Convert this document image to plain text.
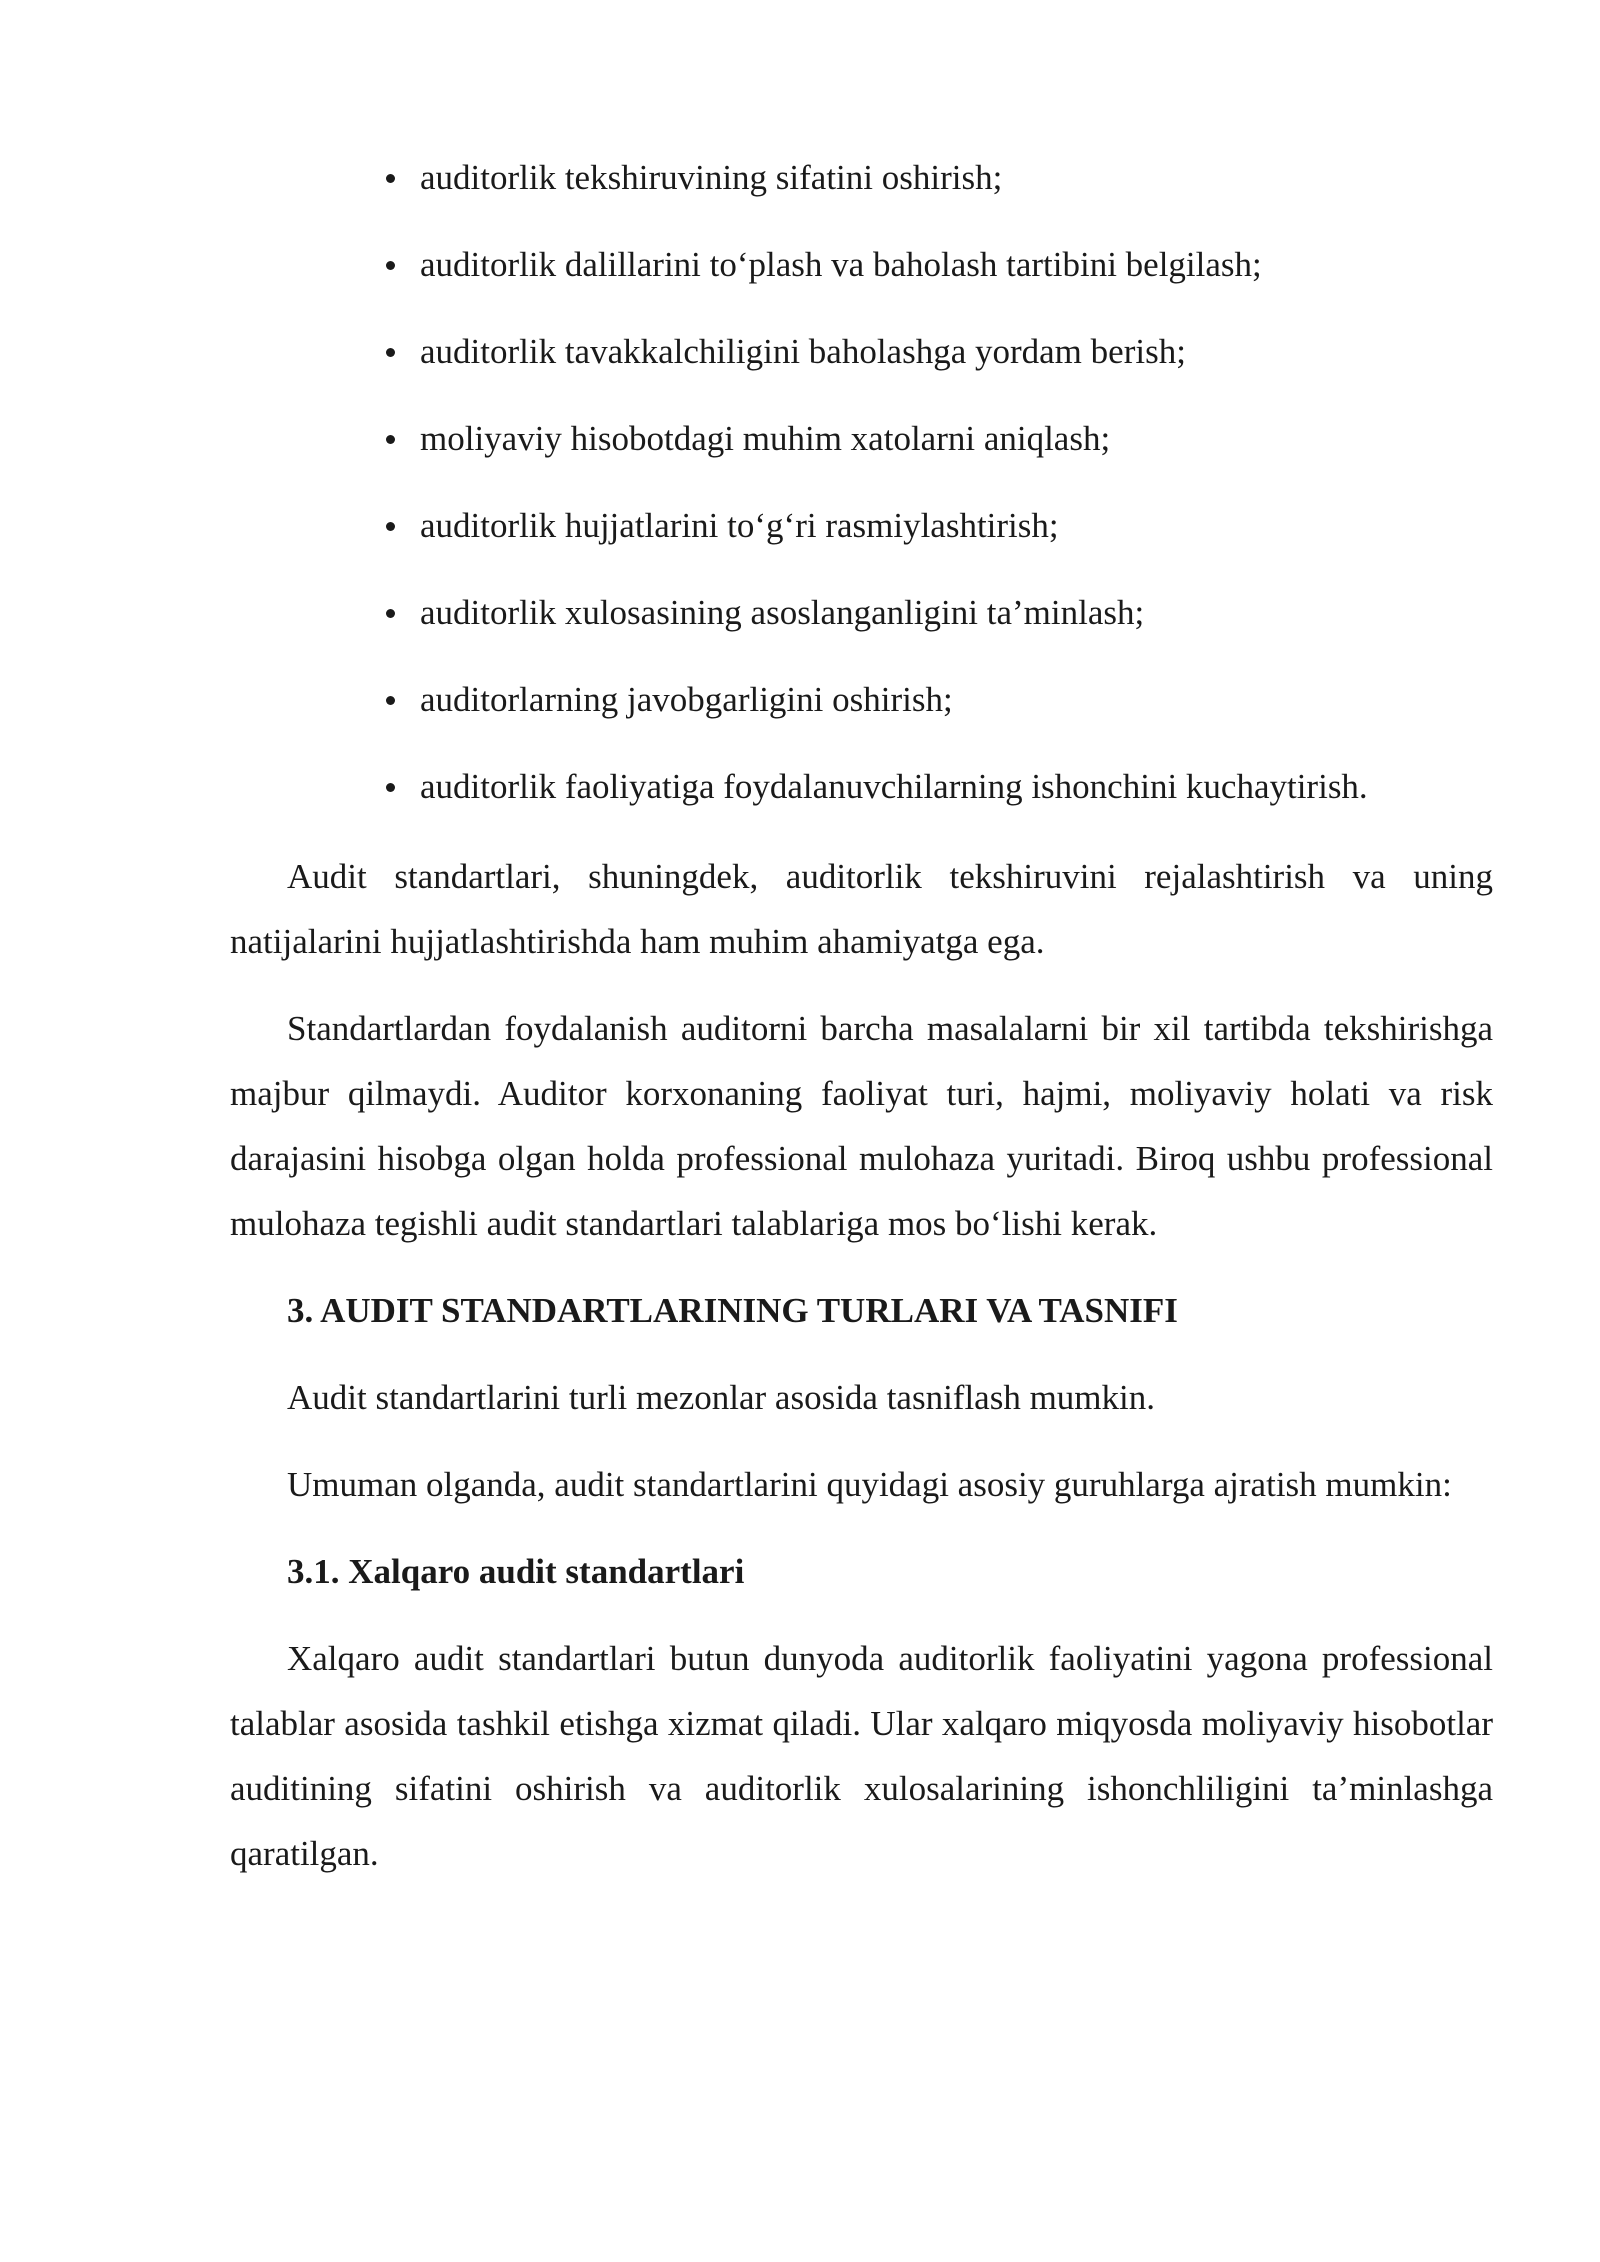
auditorlik tekshiruvining sifatini oshirish;
auditorlik dalillarini to‘plash va baholash tartibini belgilash;
auditorlik tavakkalchiligini baholashga yordam berish;
moliyaviy hisobotdagi muhim xatolarni aniqlash;
auditorlik hujjatlarini to‘g‘ri rasmiylashtirish;
auditorlik xulosasining asoslanganligini ta’minlash;
auditorlarning javobgarligini oshirish;
auditorlik faoliyatiga foydalanuvchilarning ishonchini kuchaytirish.

Audit standartlari, shuningdek, auditorlik tekshiruvini rejalashtirish va uning natijalarini hujjatlashtirishda ham muhim ahamiyatga ega.

Standartlardan foydalanish auditorni barcha masalalarni bir xil tartibda tekshirishga majbur qilmaydi. Auditor korxonaning faoliyat turi, hajmi, moliyaviy holati va risk darajasini hisobga olgan holda professional mulohaza yuritadi. Biroq ushbu professional mulohaza tegishli audit standartlari talablariga mos bo‘lishi kerak.

3. AUDIT STANDARTLARINING TURLARI VA TASNIFI

Audit standartlarini turli mezonlar asosida tasniflash mumkin.

Umuman olganda, audit standartlarini quyidagi asosiy guruhlarga ajratish mumkin:

3.1. Xalqaro audit standartlari

Xalqaro audit standartlari butun dunyoda auditorlik faoliyatini yagona professional talablar asosida tashkil etishga xizmat qiladi. Ular xalqaro miqyosda moliyaviy hisobotlar auditining sifatini oshirish va auditorlik xulosalarining ishonchliligini ta’minlashga qaratilgan.
